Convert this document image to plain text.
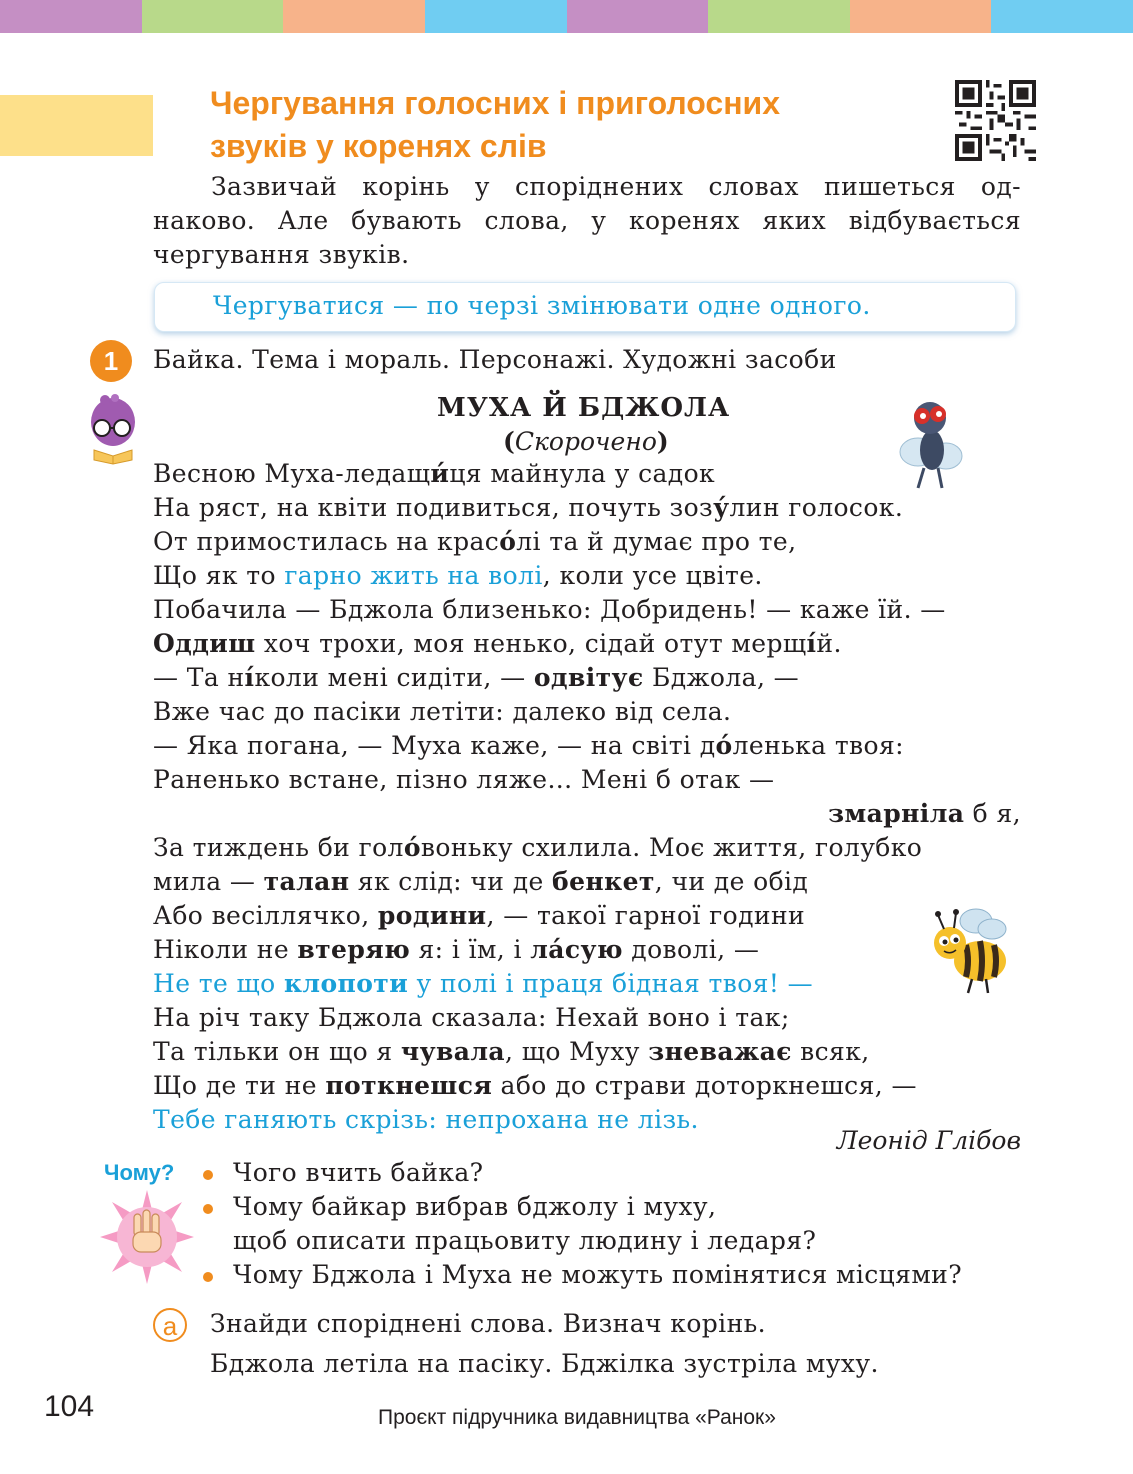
Чергування голосних і приголосних
звуків у коренях слів
Зазвичай корінь у споріднених словах пишеться од-
наково. Але бувають слова, у коренях яких відбувається
чергування звуків.
Чергуватися — по черзі змінювати одне одного.
1	Байка. Тема і мораль. Персонажі. Художні засоби
МУХА Й БДЖОЛА
(Скорочено)
Весною Муха-ледащи́ця майнула у садок
На ряст, на квіти подивиться, почуть зозу́лин голосок.
От примостилась на красо́лі та й думає про те,
Що як то гарно жить на волі, коли усе цвіте.
Побачила — Бджола близенько: Добридень! — каже їй. —
Оддиш хоч трохи, моя ненько, сідай отут мерщі́й.
— Та ні́коли мені сидіти, — одвітує Бджола, —
Вже час до пасіки летіти: далеко від села.
— Яка погана, — Муха каже, — на світі до́ленька твоя:
Раненько встане, пізно ляже... Мені б отак —
змарніла б я,
За тиждень би голо́воньку схилила. Моє життя, голубко
мила — талан як слід: чи де бенкет, чи де обід
Або весіллячко, родини, — такої гарної години
Ніколи не втеряю я: і їм, і ла́сую доволі, —
Не те що клопоти у полі і праця бідная твоя! —
На річ таку Бджола сказала: Нехай воно і так;
Та тільки он що я чувала, що Муху зневажає всяк,
Що де ти не поткнешся або до страви доторкнешся, —
Тебе ганяють скрізь: непрохана не лізь.
Леонід Глібов
Чому? Чого вчить байка?
Чому байкар вибрав бджолу і муху,
щоб описати працьовиту людину і ледаря?
Чому Бджола і Муха не можуть помінятися місцями?
а	Знайди споріднені слова. Визнач корінь.
Бджола летіла на пасіку. Бджілка зустріла муху.
104	Проєкт підручника видавництва «Ранок»
